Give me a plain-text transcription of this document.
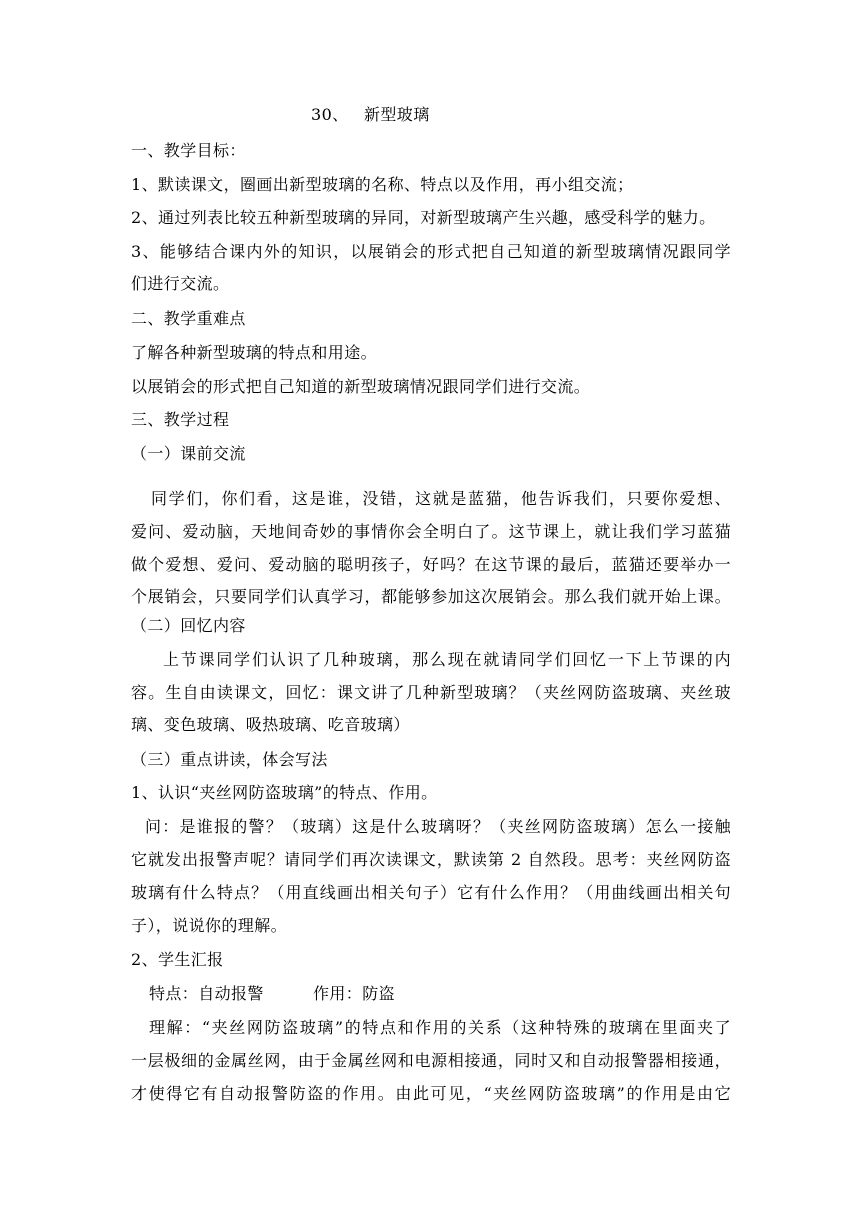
30、 新型玻璃
一、教学目标：
1、默读课文，圈画出新型玻璃的名称、特点以及作用，再小组交流；
2、通过列表比较五种新型玻璃的异同，对新型玻璃产生兴趣，感受科学的魅力。
3、能够结合课内外的知识，以展销会的形式把自己知道的新型玻璃情况跟同学
们进行交流。
二、教学重难点
了解各种新型玻璃的特点和用途。
以展销会的形式把自己知道的新型玻璃情况跟同学们进行交流。
三、教学过程
（一）课前交流
同学们，你们看，这是谁，没错，这就是蓝猫，他告诉我们，只要你爱想、
爱问、爱动脑，天地间奇妙的事情你会全明白了。这节课上，就让我们学习蓝猫
做个爱想、爱问、爱动脑的聪明孩子，好吗？在这节课的最后，蓝猫还要举办一
个展销会，只要同学们认真学习，都能够参加这次展销会。那么我们就开始上课。
（二）回忆内容
上节课同学们认识了几种玻璃，那么现在就请同学们回忆一下上节课的内
容。生自由读课文，回忆：课文讲了几种新型玻璃？（夹丝网防盗玻璃、夹丝玻
璃、变色玻璃、吸热玻璃、吃音玻璃）
（三）重点讲读，体会写法
1、认识“夹丝网防盗玻璃”的特点、作用。
问：是谁报的警？（玻璃）这是什么玻璃呀？（夹丝网防盗玻璃）怎么一接触
它就发出报警声呢？请同学们再次读课文，默读第 2 自然段。思考：夹丝网防盗
玻璃有什么特点？（用直线画出相关句子）它有什么作用？（用曲线画出相关句
子），说说你的理解。
2、学生汇报
特点：自动报警	作用：防盗
理解：“夹丝网防盗玻璃”的特点和作用的关系（这种特殊的玻璃在里面夹了
一层极细的金属丝网，由于金属丝网和电源相接通，同时又和自动报警器相接通，
才使得它有自动报警防盗的作用。由此可见，“夹丝网防盗玻璃”的作用是由它
